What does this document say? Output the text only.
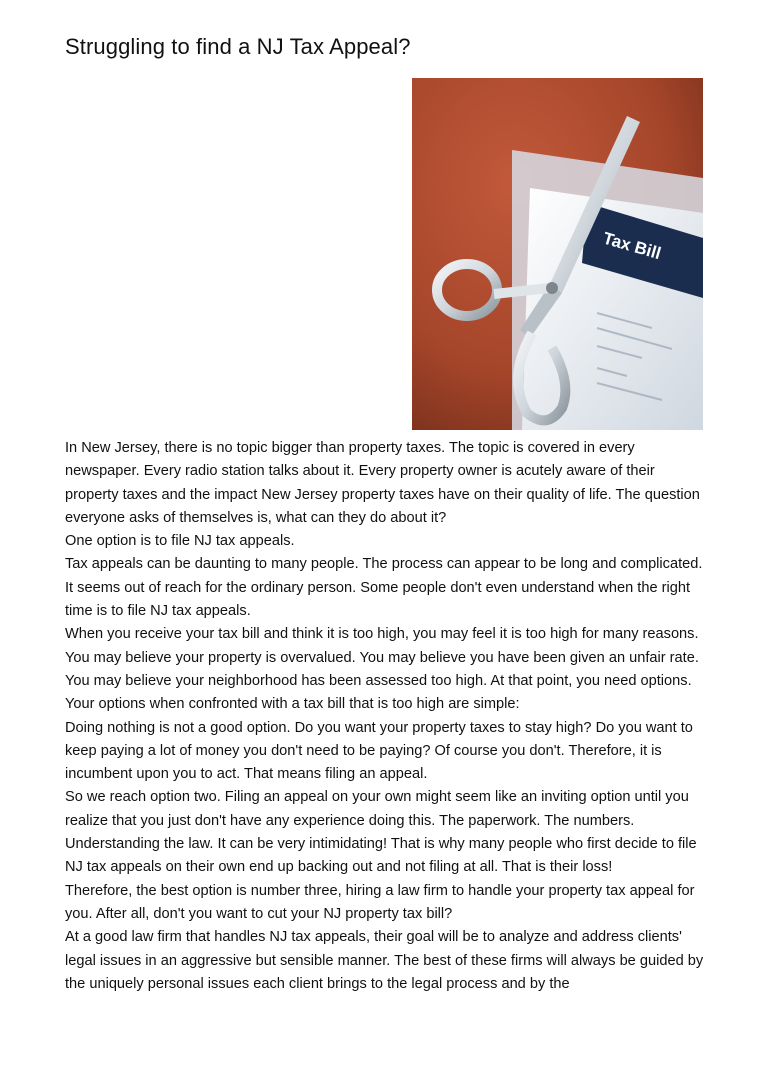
Struggling to find a NJ Tax Appeal?
Tax Bill

In New Jersey, there is no topic bigger than property taxes. The topic is covered in every newspaper. Every radio station talks about it. Every property owner is acutely aware of their property taxes and the impact New Jersey property taxes have on their quality of life. The question everyone asks of themselves is, what can they do about it?

One option is to file NJ tax appeals.

Tax appeals can be daunting to many people. The process can appear to be long and complicated. It seems out of reach for the ordinary person. Some people don't even understand when the right time is to file NJ tax appeals.

When you receive your tax bill and think it is too high, you may feel it is too high for many reasons. You may believe your property is overvalued. You may believe you have been given an unfair rate. You may believe your neighborhood has been assessed too high. At that point, you need options.

Your options when confronted with a tax bill that is too high are simple:

Doing nothing is not a good option. Do you want your property taxes to stay high? Do you want to keep paying a lot of money you don't need to be paying? Of course you don't. Therefore, it is incumbent upon you to act. That means filing an appeal.

So we reach option two. Filing an appeal on your own might seem like an inviting option until you realize that you just don't have any experience doing this. The paperwork. The numbers. Understanding the law. It can be very intimidating! That is why many people who first decide to file NJ tax appeals on their own end up backing out and not filing at all. That is their loss!

Therefore, the best option is number three, hiring a law firm to handle your property tax appeal for you. After all, don't you want to cut your NJ property tax bill?

At a good law firm that handles NJ tax appeals, their goal will be to analyze and address clients' legal issues in an aggressive but sensible manner. The best of these firms will always be guided by the uniquely personal issues each client brings to the legal process and by the
